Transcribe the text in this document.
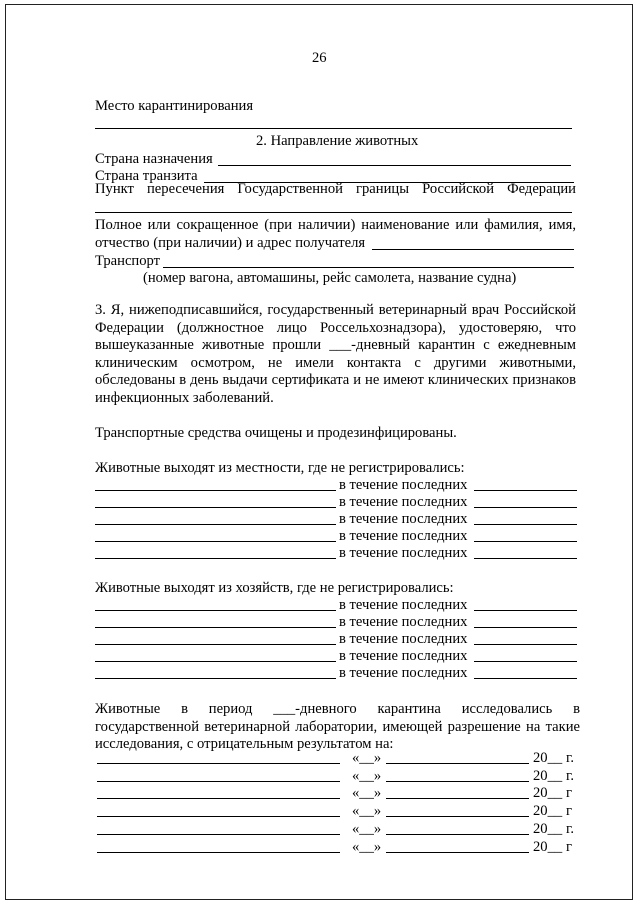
26
Место карантинирования
2. Направление животных
Страна назначения
Страна транзита
Пункт пересечения Государственной границы Российской Федерации
Полное или сокращенное (при наличии) наименование или фамилия, имя,
отчество (при наличии) и адрес получателя
Транспорт
(номер вагона, автомашины, рейс самолета, название судна)
3. Я, нижеподписавшийся, государственный ветеринарный врач Российской
Федерации (должностное лицо Россельхознадзора), удостоверяю, что
вышеуказанные животные прошли ___-дневный карантин с ежедневным
клиническим осмотром, не имели контакта с другими животными,
обследованы в день выдачи сертификата и не имеют клинических признаков
инфекционных заболеваний.
Транспортные средства очищены и продезинфицированы.
Животные выходят из местности, где не регистрировались:
в течение последних
в течение последних
в течение последних
в течение последних
в течение последних
Животные выходят из хозяйств, где не регистрировались:
в течение последних
в течение последних
в течение последних
в течение последних
в течение последних
Животные в период ___-дневного карантина исследовались в
государственной ветеринарной лаборатории, имеющей разрешение на такие
исследования, с отрицательным результатом на:
«__»	20__ г.
«__»	20__ г.
«__»	20__ г
«__»	20__ г
«__»	20__ г.
«__»	20__ г
